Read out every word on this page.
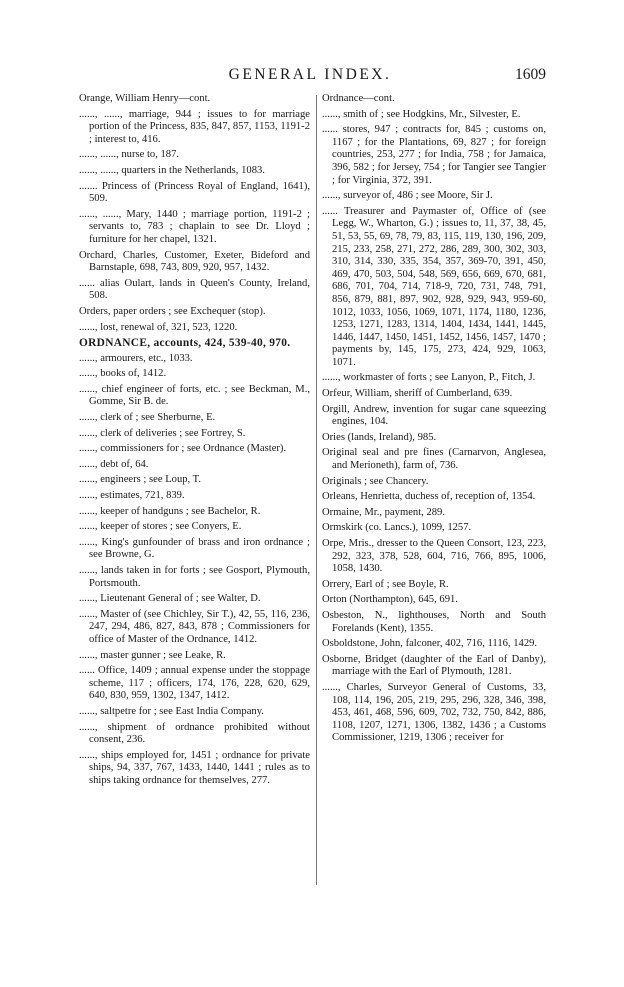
GENERAL INDEX.	1609

Orange, William Henry—cont.

......, ......, marriage, 944 ; issues to for marriage portion of the Princess, 835, 847, 857, 1153, 1191-2 ; interest to, 416.

......, ......, nurse to, 187.

......, ......, quarters in the Netherlands, 1083.

....... Princess of (Princess Royal of England, 1641), 509.

......, ......, Mary, 1440 ; marriage portion, 1191-2 ; servants to, 783 ; chaplain to see Dr. Lloyd ; furniture for her chapel, 1321.

Orchard, Charles, Customer, Exeter, Bideford and Barnstaple, 698, 743, 809, 920, 957, 1432.

...... alias Oulart, lands in Queen's County, Ireland, 508.

Orders, paper orders ; see Exchequer (stop).

......, lost, renewal of, 321, 523, 1220.

ORDNANCE, accounts, 424, 539-40, 970.

......, armourers, etc., 1033.

......, books of, 1412.

......, chief engineer of forts, etc. ; see Beckman, M., Gomme, Sir B. de.

......, clerk of ; see Sherburne, E.

......, clerk of deliveries ; see Fortrey, S.

......, commissioners for ; see Ordnance (Master).

......, debt of, 64.

......, engineers ; see Loup, T.

......, estimates, 721, 839.

......, keeper of handguns ; see Bachelor, R.

......, keeper of stores ; see Conyers, E.

......, King's gunfounder of brass and iron ordnance ; see Browne, G.

......, lands taken in for forts ; see Gosport, Plymouth, Portsmouth.

......, Lieutenant General of ; see Walter, D.

......, Master of (see Chichley, Sir T.), 42, 55, 116, 236, 247, 294, 486, 827, 843, 878 ; Commissioners for office of Master of the Ordnance, 1412.

......, master gunner ; see Leake, R.

...... Office, 1409 ; annual expense under the stoppage scheme, 117 ; officers, 174, 176, 228, 620, 629, 640, 830, 959, 1302, 1347, 1412.

......, saltpetre for ; see East India Company.

......, shipment of ordnance prohibited without consent, 236.

......, ships employed for, 1451 ; ordnance for private ships, 94, 337, 767, 1433, 1440, 1441 ; rules as to ships taking ordnance for themselves, 277.

Ordnance—cont.

......, smith of ; see Hodgkins, Mr., Silvester, E.

...... stores, 947 ; contracts for, 845 ; customs on, 1167 ; for the Plantations, 69, 827 ; for foreign countries, 253, 277 ; for India, 758 ; for Jamaica, 396, 582 ; for Jersey, 754 ; for Tangier see Tangier ; for Virginia, 372, 391.

......, surveyor of, 486 ; see Moore, Sir J.

...... Treasurer and Paymaster of, Office of (see Legg, W., Wharton, G.) ; issues to, 11, 37, 38, 45, 51, 53, 55, 69, 78, 79, 83, 115, 119, 130, 196, 209, 215, 233, 258, 271, 272, 286, 289, 300, 302, 303, 310, 314, 330, 335, 354, 357, 369-70, 391, 450, 469, 470, 503, 504, 548, 569, 656, 669, 670, 681, 686, 701, 704, 714, 718-9, 720, 731, 748, 791, 856, 879, 881, 897, 902, 928, 929, 943, 959-60, 1012, 1033, 1056, 1069, 1071, 1174, 1180, 1236, 1253, 1271, 1283, 1314, 1404, 1434, 1441, 1445, 1446, 1447, 1450, 1451, 1452, 1456, 1457, 1470 ; payments by, 145, 175, 273, 424, 929, 1063, 1071.

......, workmaster of forts ; see Lanyon, P., Fitch, J.

Orfeur, William, sheriff of Cumberland, 639.

Orgill, Andrew, invention for sugar cane squeezing engines, 104.

Ories (lands, Ireland), 985.

Original seal and pre fines (Carnarvon, Anglesea, and Merioneth), farm of, 736.

Originals ; see Chancery.

Orleans, Henrietta, duchess of, reception of, 1354.

Ormaine, Mr., payment, 289.

Ormskirk (co. Lancs.), 1099, 1257.

Orpe, Mris., dresser to the Queen Consort, 123, 223, 292, 323, 378, 528, 604, 716, 766, 895, 1006, 1058, 1430.

Orrery, Earl of ; see Boyle, R.

Orton (Northampton), 645, 691.

Osbeston, N., lighthouses, North and South Forelands (Kent), 1355.

Osboldstone, John, falconer, 402, 716, 1116, 1429.

Osborne, Bridget (daughter of the Earl of Danby), marriage with the Earl of Plymouth, 1281.

......, Charles, Surveyor General of Customs, 33, 108, 114, 196, 205, 219, 295, 296, 328, 346, 398, 453, 461, 468, 596, 609, 702, 732, 750, 842, 886, 1108, 1207, 1271, 1306, 1382, 1436 ; a Customs Commissioner, 1219, 1306 ; receiver for
